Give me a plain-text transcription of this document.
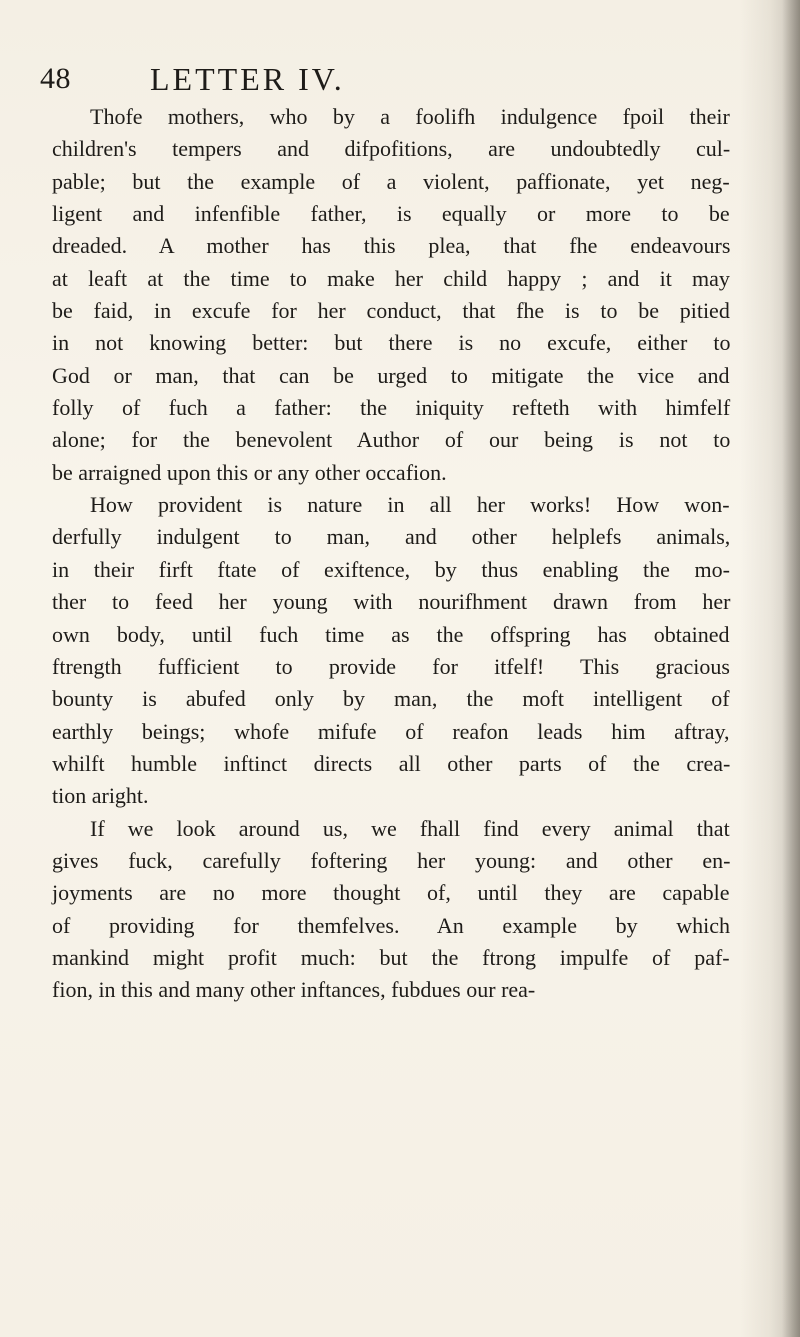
48 LETTER IV.
Thofe mothers, who by a foolifh indulgence fpoil their
children's tempers and difpofitions, are undoubtedly cul-
pable; but the example of a violent, paffionate, yet neg-
ligent and infenfible father, is equally or more to be
dreaded. A mother has this plea, that fhe endeavours
at leaft at the time to make her child happy ; and it may
be faid, in excufe for her conduct, that fhe is to be pitied
in not knowing better: but there is no excufe, either to
God or man, that can be urged to mitigate the vice and
folly of fuch a father: the iniquity refteth with himfelf
alone; for the benevolent Author of our being is not to
be arraigned upon this or any other occafion.
How provident is nature in all her works! How won-
derfully indulgent to man, and other helplefs animals,
in their firft ftate of exiftence, by thus enabling the mo-
ther to feed her young with nourifhment drawn from her
own body, until fuch time as the offspring has obtained
ftrength fufficient to provide for itfelf! This gracious
bounty is abufed only by man, the moft intelligent of
earthly beings; whofe mifufe of reafon leads him aftray,
whilft humble inftinct directs all other parts of the crea-
tion aright.
If we look around us, we fhall find every animal that
gives fuck, carefully foftering her young: and other en-
joyments are no more thought of, until they are capable
of providing for themfelves. An example by which
mankind might profit much: but the ftrong impulfe of paf-
fion, in this and many other inftances, fubdues our rea-
